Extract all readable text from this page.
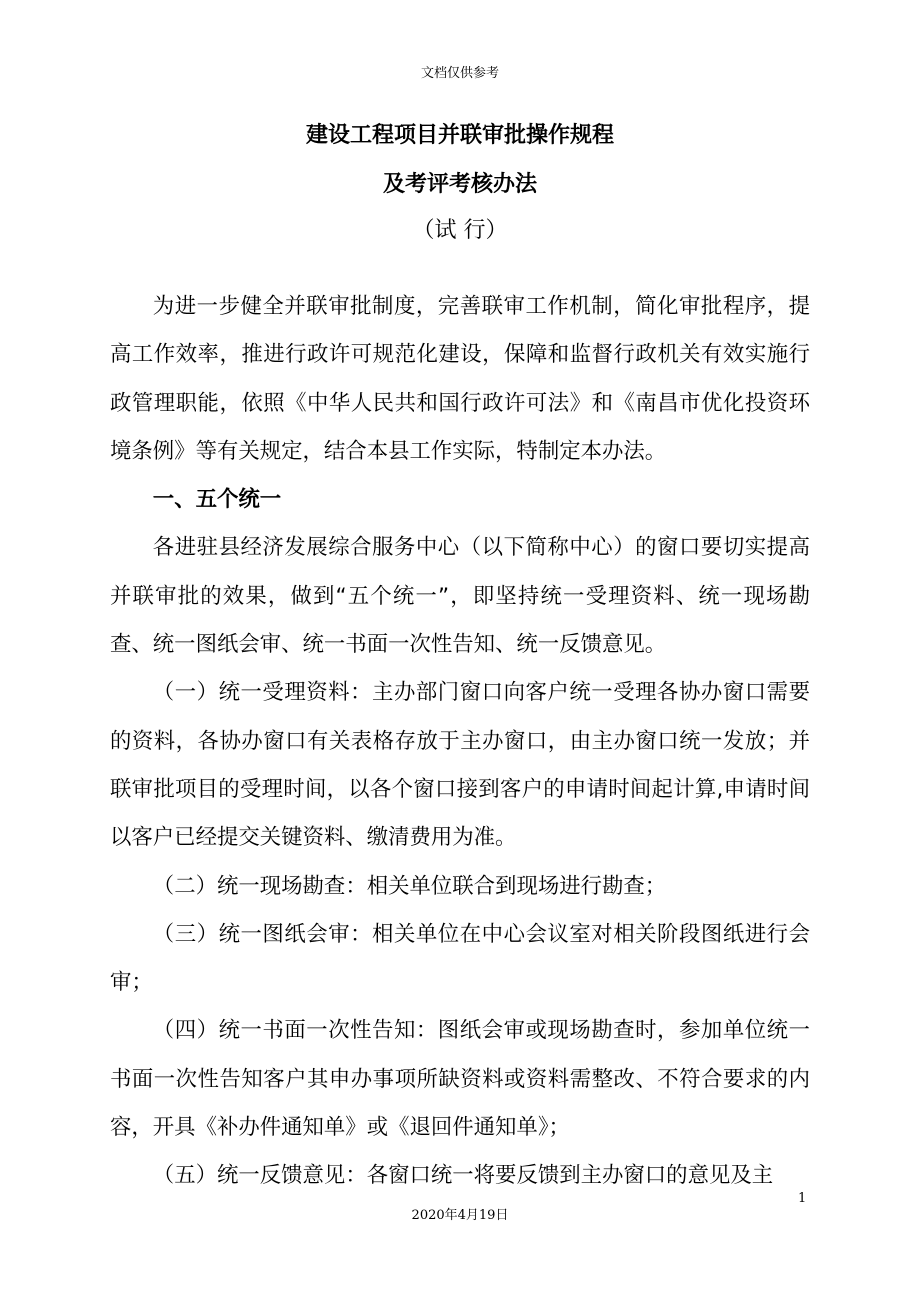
文档仅供参考
建设工程项目并联审批操作规程
及考评考核办法
（试 行）

为进一步健全并联审批制度，完善联审工作机制，简化审批程序，提高工作效率，推进行政许可规范化建设，保障和监督行政机关有效实施行政管理职能，依照《中华人民共和国行政许可法》和《南昌市优化投资环境条例》等有关规定，结合本县工作实际，特制定本办法。

一、五个统一

各进驻县经济发展综合服务中心（以下简称中心）的窗口要切实提高并联审批的效果，做到“五个统一”，即坚持统一受理资料、统一现场勘查、统一图纸会审、统一书面一次性告知、统一反馈意见。

（一）统一受理资料：主办部门窗口向客户统一受理各协办窗口需要的资料，各协办窗口有关表格存放于主办窗口，由主办窗口统一发放；并联审批项目的受理时间，以各个窗口接到客户的申请时间起计算,申请时间以客户已经提交关键资料、缴清费用为准。

（二）统一现场勘查：相关单位联合到现场进行勘查；

（三）统一图纸会审：相关单位在中心会议室对相关阶段图纸进行会审；

（四）统一书面一次性告知：图纸会审或现场勘查时，参加单位统一书面一次性告知客户其申办事项所缺资料或资料需整改、不符合要求的内容，开具《补办件通知单》或《退回件通知单》；

（五）统一反馈意见：各窗口统一将要反馈到主办窗口的意见及主

1
2020年4月19日
